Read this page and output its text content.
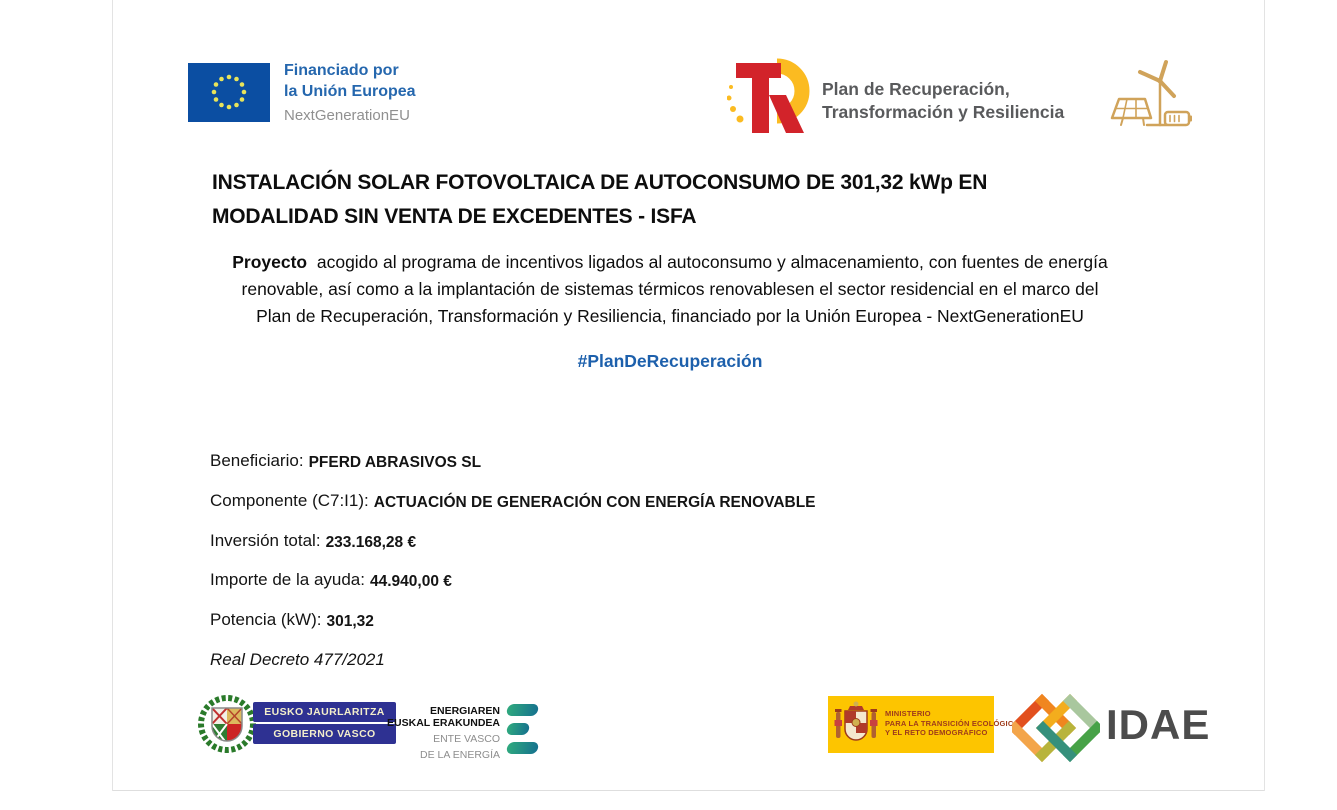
Financiado por
la Unión Europea
NextGenerationEU
Plan de Recuperación,
Transformación y Resiliencia
INSTALACIÓN SOLAR FOTOVOLTAICA DE AUTOCONSUMO DE 301,32 kWp EN
MODALIDAD SIN VENTA DE EXCEDENTES - ISFA
Proyecto  acogido al programa de incentivos ligados al autoconsumo y almacenamiento, con fuentes de energía
renovable, así como a la implantación de sistemas térmicos renovablesen el sector residencial en el marco del
Plan de Recuperación, Transformación y Resiliencia, financiado por la Unión Europea - NextGenerationEU
#PlanDeRecuperación
Beneficiario: PFERD ABRASIVOS SL
Componente (C7:I1): ACTUACIÓN DE GENERACIÓN CON ENERGÍA RENOVABLE
Inversión total: 233.168,28 €
Importe de la ayuda: 44.940,00 €
Potencia (kW): 301,32
Real Decreto 477/2021
EUSKO JAURLARITZA
GOBIERNO VASCO
ENERGIAREN
EUSKAL ERAKUNDEA
ENTE VASCO
DE LA ENERGÍA
MINISTERIO
PARA LA TRANSICIÓN ECOLÓGICA
Y EL RETO DEMOGRÁFICO	IDAE
